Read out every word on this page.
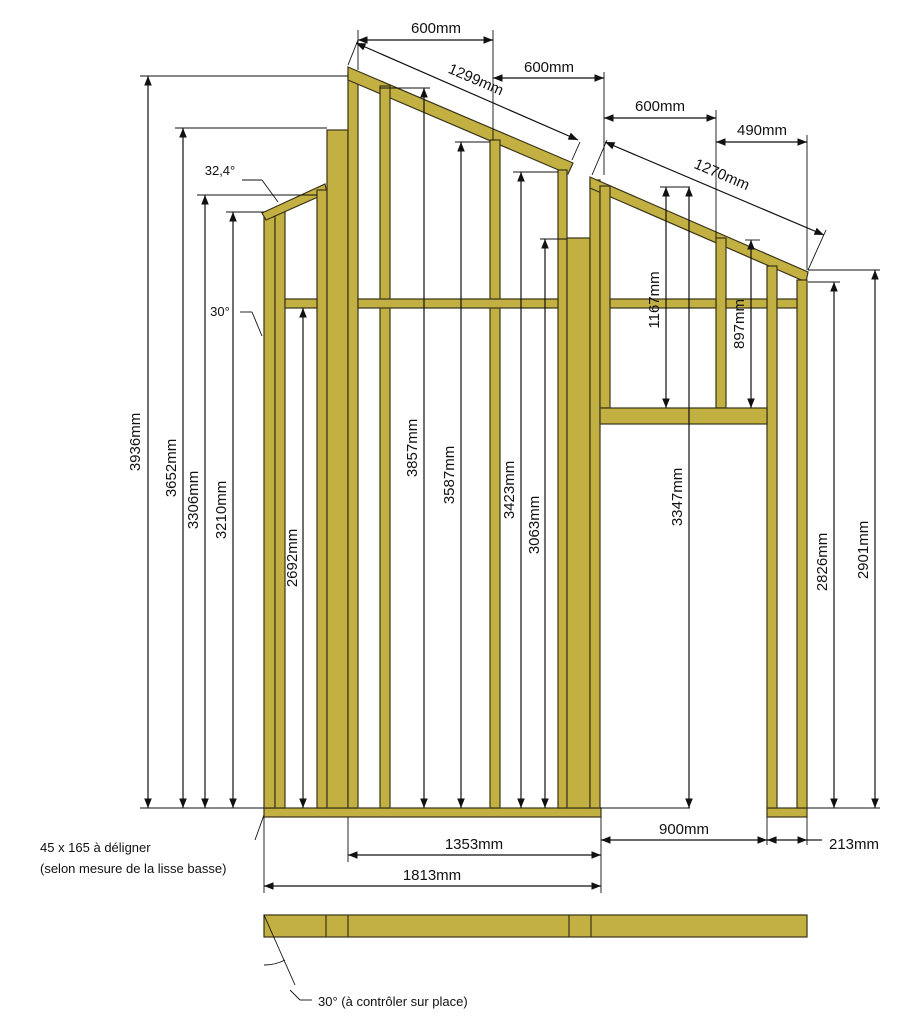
3936mm 3652mm
3306mm 3210mm
2692mm
3857mm 3587mm	3423mm
3063mm
1167mm	897mm
3347mm
2826mm 2901mm
600mm
600mm
600mm
490mm
1299mm
1270mm
1353mm
1813mm
900mm
213mm
32,4°
30°
30° (à contrôler sur place)
45 x 165 à déligner
(selon mesure de la lisse basse)
